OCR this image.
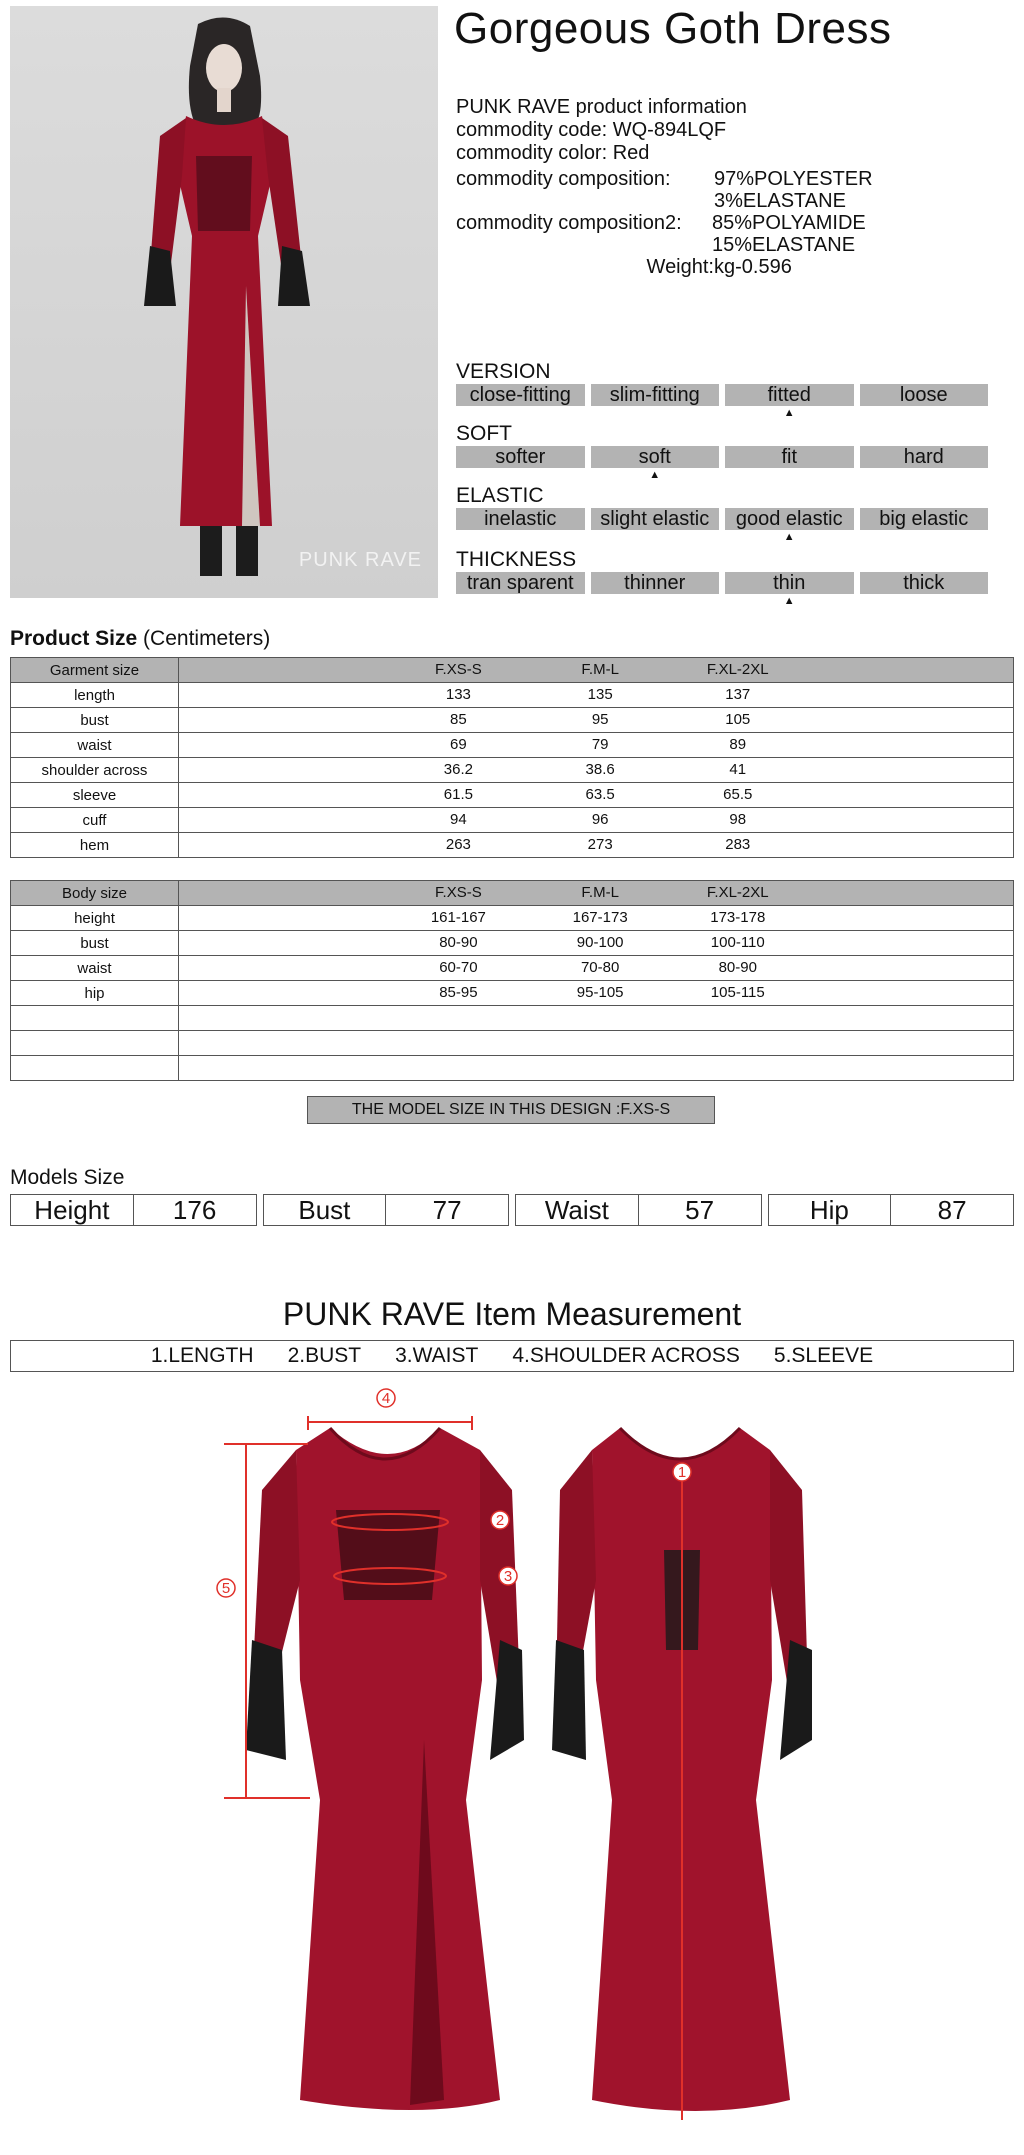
PUNK RAVE
Gorgeous Goth Dress
PUNK RAVE product information
commodity code:
WQ-894LQF
commodity color:
Red
commodity composition:	97%POLYESTER
3%ELASTANE
commodity composition2:	85%POLYAMIDE
15%ELASTANE
Weight: kg-0.596
VERSION
close-fitting	slim-fitting	fitted	loose
▲
SOFT
softer	soft	fit	hard
▲
ELASTIC
inelastic	slight elastic	good elastic	big elastic
▲
THICKNESS
tran sparent	thinner	thin	thick
▲
Product Size (Centimeters)
Garment size	F.XS-S F.M-L F.XL-2XL

length	133 135 137

bust	85 95 105

waist	69 79 89

shoulder across	36.2 38.6 41

sleeve	61.5 63.5 65.5

cuff	94 96 98

hem	263 273 283
Body size	F.XS-S F.M-L F.XL-2XL

height	161-167 167-173 173-178

bust	80-90 90-100 100-110

waist	60-70 70-80 80-90

hip	85-95 95-105 105-115

THE MODEL SIZE IN THIS DESIGN :F.XS-S
Models Size
Height	176	Bust	77	Waist	57	Hip	87
PUNK RAVE Item Measurement
1.LENGTH 2.BUST 3.WAIST 4.SHOULDER ACROSS 5.SLEEVE
1
2
3
4
5
